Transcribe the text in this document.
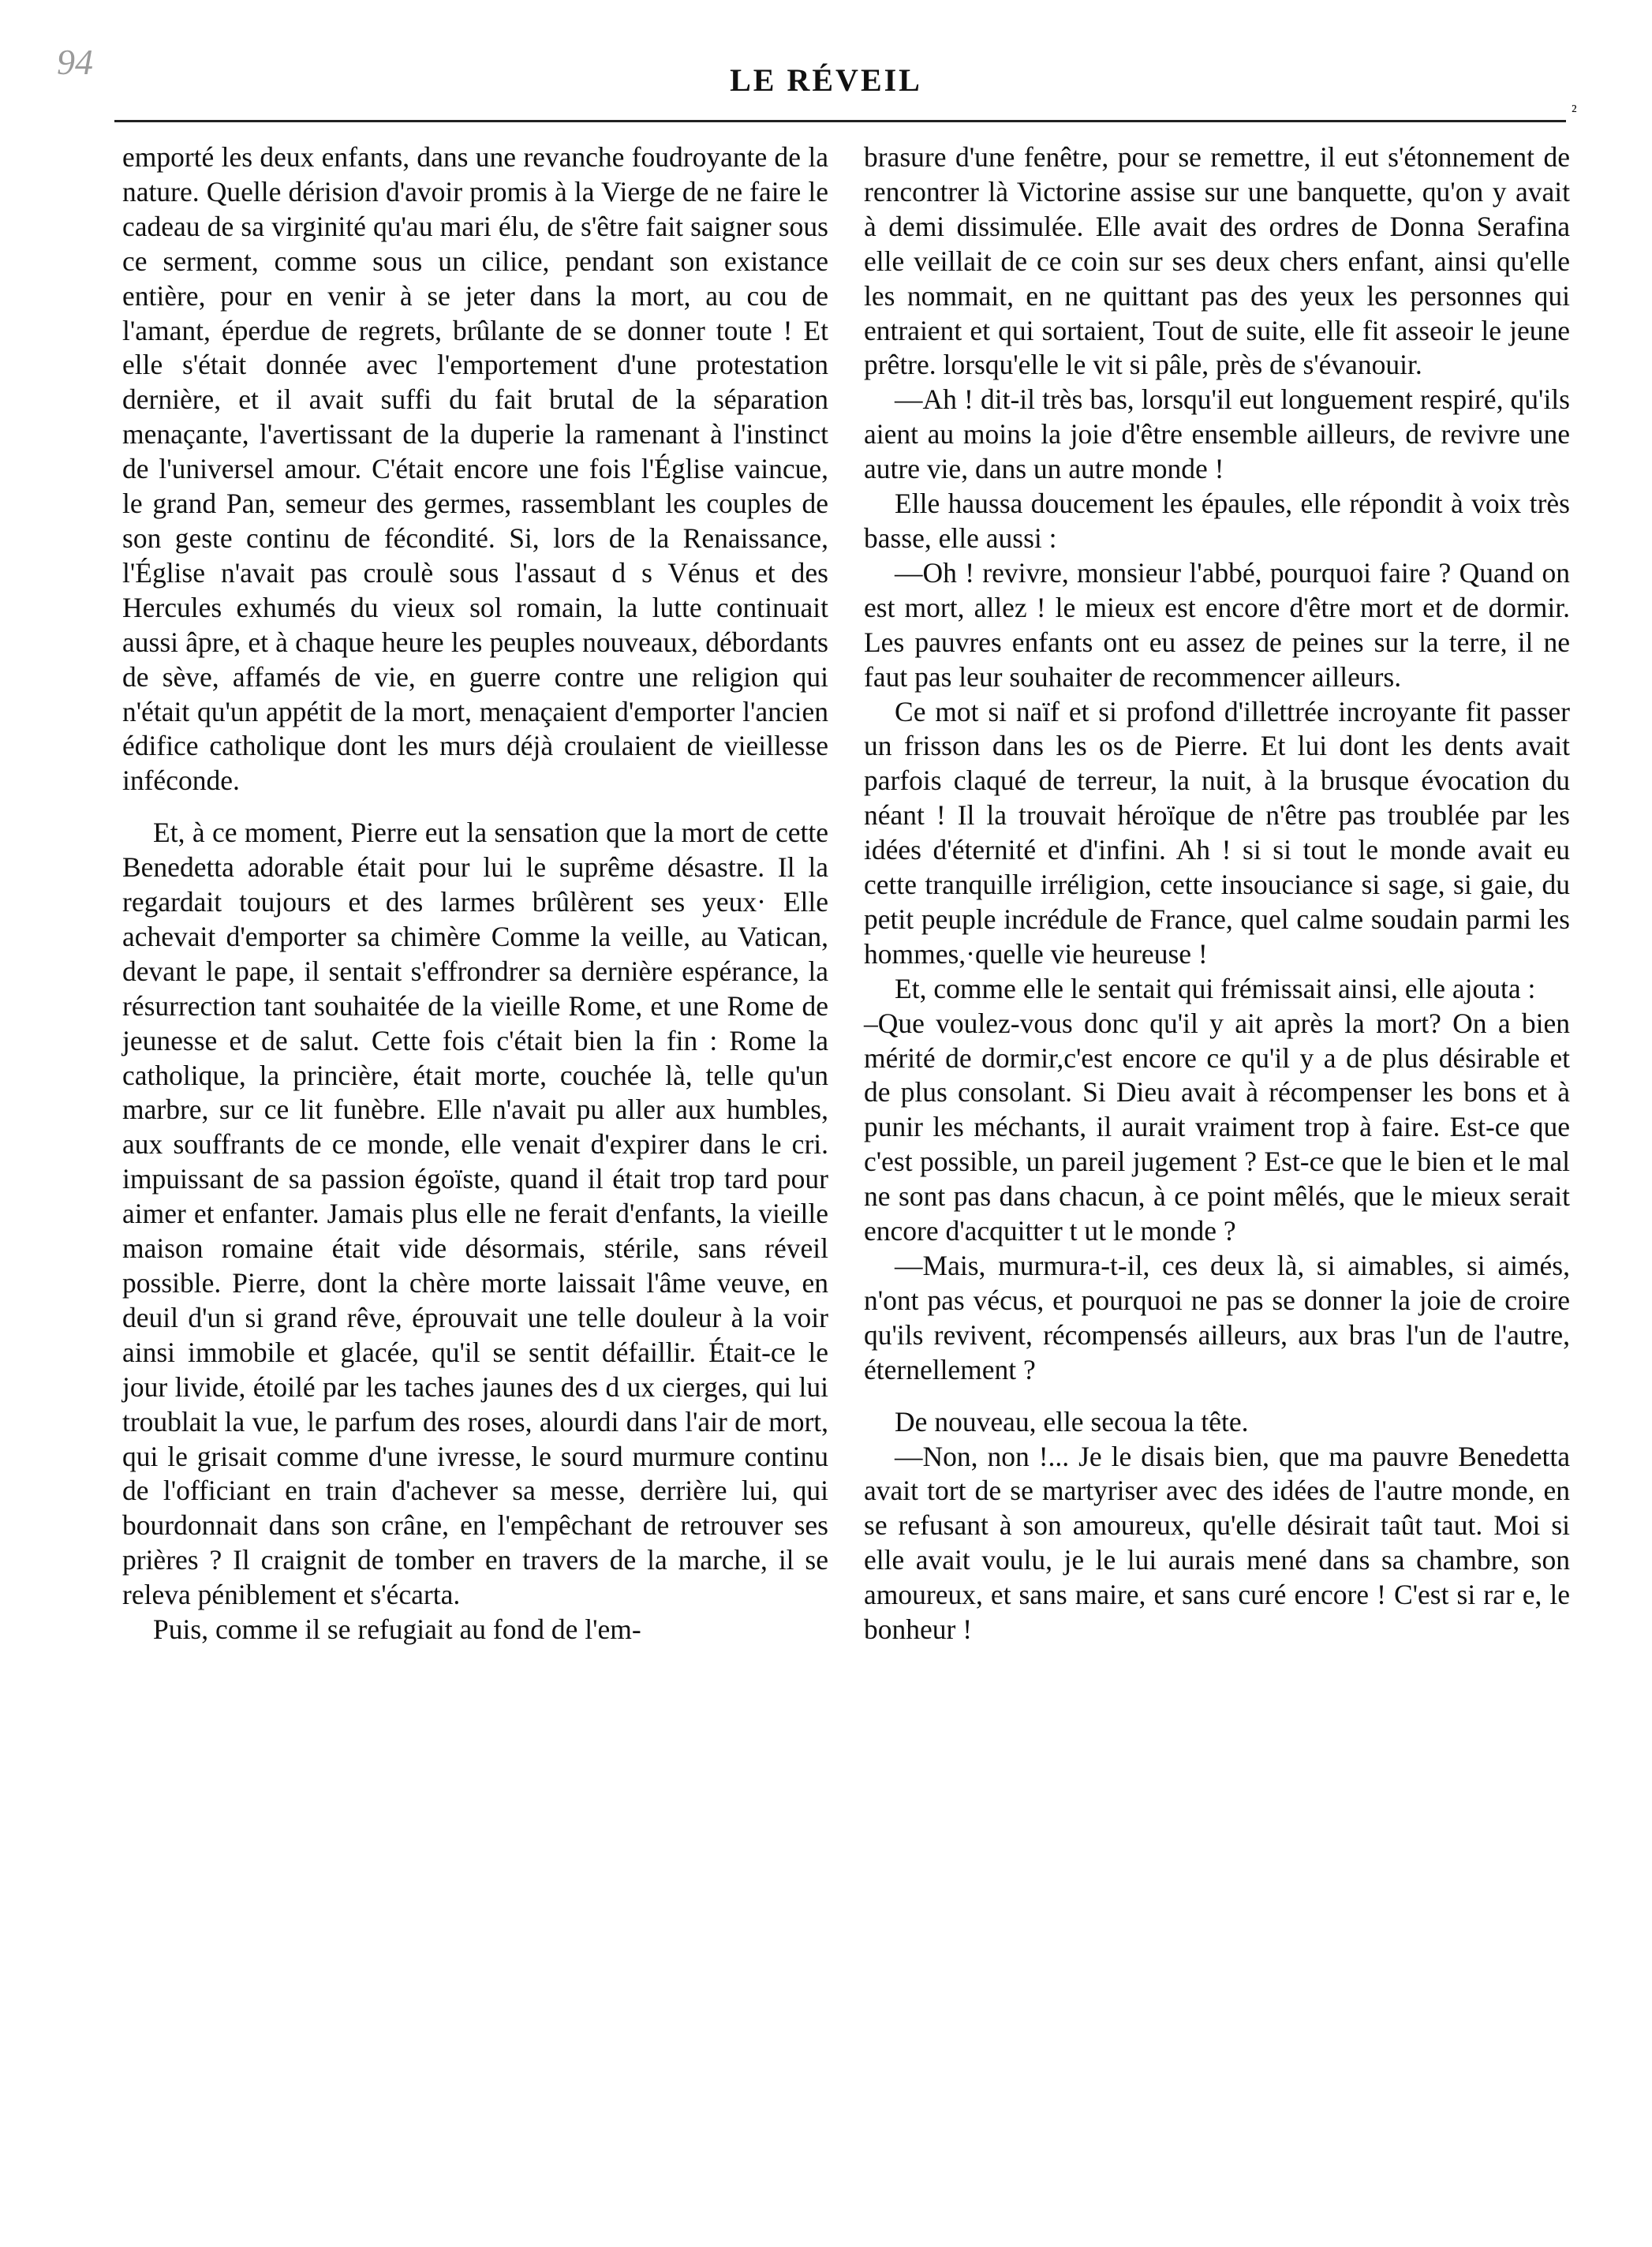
94	LE RÉVEIL
²

emporté les deux enfants, dans une revanche foudroyante de la nature. Quelle dérision d'avoir promis à la Vierge de ne faire le cadeau de sa virginité qu'au mari élu, de s'être fait saigner sous ce serment, comme sous un cilice, pendant son existance entière, pour en venir à se jeter dans la mort, au cou de l'amant, éperdue de regrets, brûlante de se donner toute ! Et elle s'était donnée avec l'emportement d'une protestation dernière, et il avait suffi du fait brutal de la séparation menaçante, l'avertissant de la duperie la ramenant à l'instinct de l'universel amour. C'était encore une fois l'Église vaincue, le grand Pan, semeur des germes, rassemblant les couples de son geste continu de fécondité. Si, lors de la Renaissance, l'Église n'avait pas croulè sous l'assaut d s Vénus et des Hercules exhumés du vieux sol romain, la lutte continuait aussi âpre, et à chaque heure les peuples nouveaux, débordants de sève, affamés de vie, en guerre contre une religion qui n'était qu'un appétit de la mort, menaçaient d'emporter l'ancien édifice catholique dont les murs déjà croulaient de vieillesse inféconde.

Et, à ce moment, Pierre eut la sensation que la mort de cette Benedetta adorable était pour lui le suprême désastre. Il la regardait toujours et des larmes brûlèrent ses yeux· Elle achevait d'emporter sa chimère Comme la veille, au Vatican, devant le pape, il sentait s'effrondrer sa dernière espérance, la résurrection tant souhaitée de la vieille Rome, et une Rome de jeunesse et de salut. Cette fois c'était bien la fin : Rome la catholique, la princière, était morte, couchée là, telle qu'un marbre, sur ce lit funèbre. Elle n'avait pu aller aux humbles, aux souffrants de ce monde, elle venait d'expirer dans le cri. impuissant de sa passion égoïste, quand il était trop tard pour aimer et enfanter. Jamais plus elle ne ferait d'enfants, la vieille maison romaine était vide désormais, stérile, sans réveil possible. Pierre, dont la chère morte laissait l'âme veuve, en deuil d'un si grand rêve, éprouvait une telle douleur à la voir ainsi immobile et glacée, qu'il se sentit défaillir. Était-ce le jour livide, étoilé par les taches jaunes des d ux cierges, qui lui troublait la vue, le parfum des roses, alourdi dans l'air de mort, qui le grisait comme d'une ivresse, le sourd murmure continu de l'officiant en train d'achever sa messe, derrière lui, qui bourdonnait dans son crâne, en l'empêchant de retrouver ses prières ? Il craignit de tomber en travers de la marche, il se releva péniblement et s'écarta.

Puis, comme il se refugiait au fond de l'em-

brasure d'une fenêtre, pour se remettre, il eut s'étonnement de rencontrer là Victorine assise sur une banquette, qu'on y avait à demi dissimulée. Elle avait des ordres de Donna Serafina elle veillait de ce coin sur ses deux chers enfant, ainsi qu'elle les nommait, en ne quittant pas des yeux les personnes qui entraient et qui sortaient, Tout de suite, elle fit asseoir le jeune prêtre. lorsqu'elle le vit si pâle, près de s'évanouir.

—Ah ! dit-il très bas, lorsqu'il eut longuement respiré, qu'ils aient au moins la joie d'être ensemble ailleurs, de revivre une autre vie, dans un autre monde !

Elle haussa doucement les épaules, elle répondit à voix très basse, elle aussi :

—Oh ! revivre, monsieur l'abbé, pourquoi faire ? Quand on est mort, allez ! le mieux est encore d'être mort et de dormir. Les pauvres enfants ont eu assez de peines sur la terre, il ne faut pas leur souhaiter de recommencer ailleurs.

Ce mot si naïf et si profond d'illettrée incroyante fit passer un frisson dans les os de Pierre. Et lui dont les dents avait parfois claqué de terreur, la nuit, à la brusque évocation du néant ! Il la trouvait héroïque de n'être pas troublée par les idées d'éternité et d'infini. Ah ! si si tout le monde avait eu cette tranquille irréligion, cette insouciance si sage, si gaie, du petit peuple incrédule de France, quel calme soudain parmi les hommes,·quelle vie heureuse !

Et, comme elle le sentait qui frémissait ainsi, elle ajouta :

–Que voulez-vous donc qu'il y ait après la mort? On a bien mérité de dormir,c'est encore ce qu'il y a de plus désirable et de plus consolant. Si Dieu avait à récompenser les bons et à punir les méchants, il aurait vraiment trop à faire. Est-ce que c'est possible, un pareil jugement ? Est-ce que le bien et le mal ne sont pas dans chacun, à ce point mêlés, que le mieux serait encore d'acquitter t ut le monde ?

—Mais, murmura-t-il, ces deux là, si aimables, si aimés, n'ont pas vécus, et pourquoi ne pas se donner la joie de croire qu'ils revivent, récompensés ailleurs, aux bras l'un de l'autre, éternellement ?

De nouveau, elle secoua la tête.

—Non, non !... Je le disais bien, que ma pauvre Benedetta avait tort de se martyriser avec des idées de l'autre monde, en se refusant à son amoureux, qu'elle désirait taût taut. Moi si elle avait voulu, je le lui aurais mené dans sa chambre, son amoureux, et sans maire, et sans curé encore ! C'est si rar e, le bonheur !
